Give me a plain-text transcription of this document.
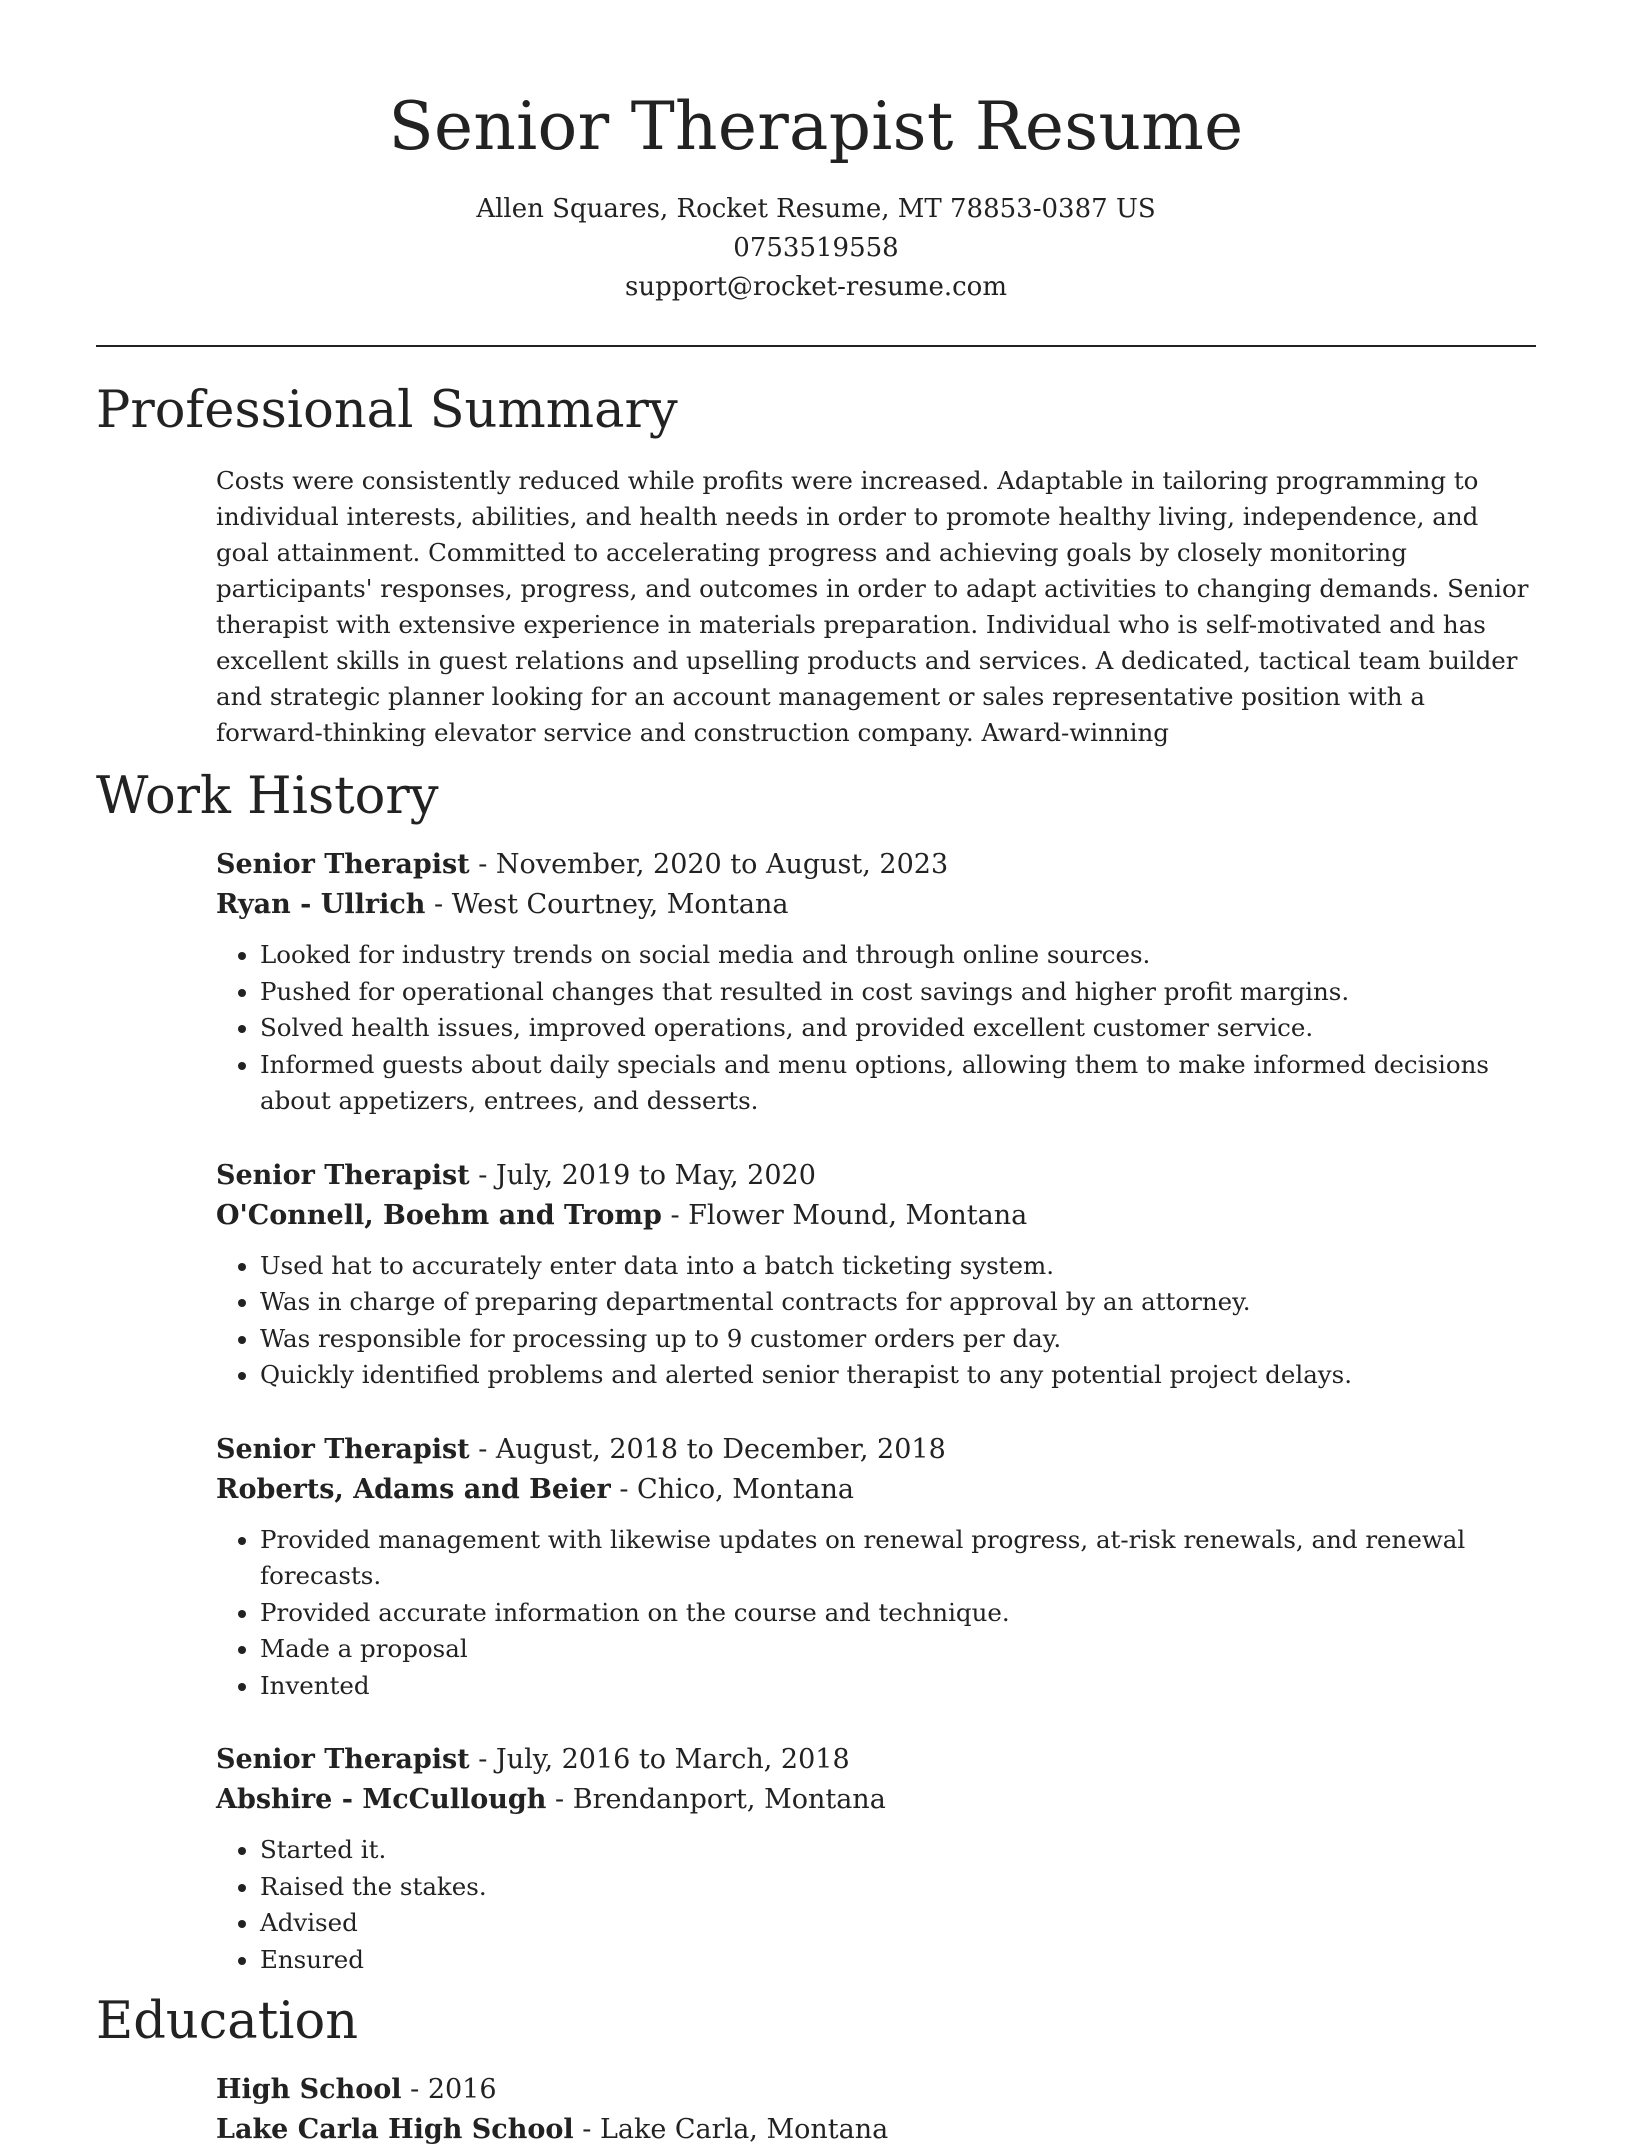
Senior Therapist Resume

Allen Squares, Rocket Resume, MT 78853-0387 US

0753519558

support@rocket-resume.com

Professional Summary

Costs were consistently reduced while profits were increased. Adaptable in tailoring programming to individual interests, abilities, and health needs in order to promote healthy living, independence, and goal attainment. Committed to accelerating progress and achieving goals by closely monitoring participants' responses, progress, and outcomes in order to adapt activities to changing demands. Senior therapist with extensive experience in materials preparation. Individual who is self-motivated and has excellent skills in guest relations and upselling products and services. A dedicated, tactical team builder and strategic planner looking for an account management or sales representative position with a forward-thinking elevator service and construction company. Award-winning

Work History

Senior Therapist - November, 2020 to August, 2023

Ryan - Ullrich - West Courtney, Montana

• Looked for industry trends on social media and through online sources.
• Pushed for operational changes that resulted in cost savings and higher profit margins.
• Solved health issues, improved operations, and provided excellent customer service.
• Informed guests about daily specials and menu options, allowing them to make informed decisions about appetizers, entrees, and desserts.

Senior Therapist - July, 2019 to May, 2020

O'Connell, Boehm and Tromp - Flower Mound, Montana

• Used hat to accurately enter data into a batch ticketing system.
• Was in charge of preparing departmental contracts for approval by an attorney.
• Was responsible for processing up to 9 customer orders per day.
• Quickly identified problems and alerted senior therapist to any potential project delays.

Senior Therapist - August, 2018 to December, 2018

Roberts, Adams and Beier - Chico, Montana

• Provided management with likewise updates on renewal progress, at-risk renewals, and renewal forecasts.
• Provided accurate information on the course and technique.
• Made a proposal
• Invented

Senior Therapist - July, 2016 to March, 2018

Abshire - McCullough - Brendanport, Montana

• Started it.
• Raised the stakes.
• Advised
• Ensured
Education

High School - 2016

Lake Carla High School - Lake Carla, Montana
